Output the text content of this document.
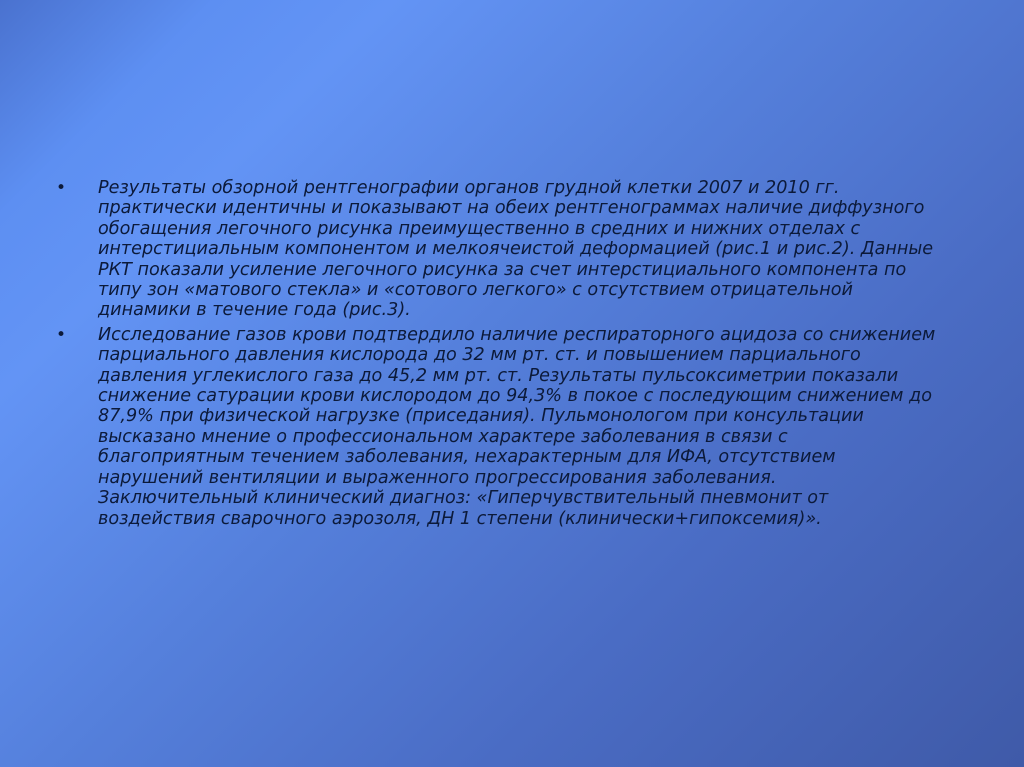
•	Результаты обзорной рентгенографии органов грудной клетки 2007 и 2010 гг. практически идентичны и показывают на обеих рентгенограммах наличие диффузного обогащения легочного рисунка преимущественно в средних и нижних отделах с интерстициальным компонентом и мелкоячеистой деформацией (рис.1 и рис.2). Данные РКТ показали усиление легочного рисунка за счет интерстициального компонента по типу зон «матового стекла» и «сотового легкого» с отсутствием отрицательной динамики в течение года (рис.3).
•	Исследование газов крови подтвердило наличие респираторного ацидоза со снижением парциального давления кислорода до 32 мм рт. ст. и повышением парциального давления углекислого газа до 45,2 мм рт. ст. Результаты пульсоксиметрии показали снижение сатурации крови кислородом до 94,3% в покое с последующим снижением до 87,9% при физической нагрузке (приседания). Пульмонологом при консультации высказано мнение о профессиональном характере заболевания в связи с благоприятным течением заболевания, нехарактерным для ИФА, отсутствием нарушений вентиляции и выраженного прогрессирования заболевания. Заключительный клинический диагноз: «Гиперчувствительный пневмонит от воздействия сварочного аэрозоля, ДН 1 степени (клинически+гипоксемия)».
